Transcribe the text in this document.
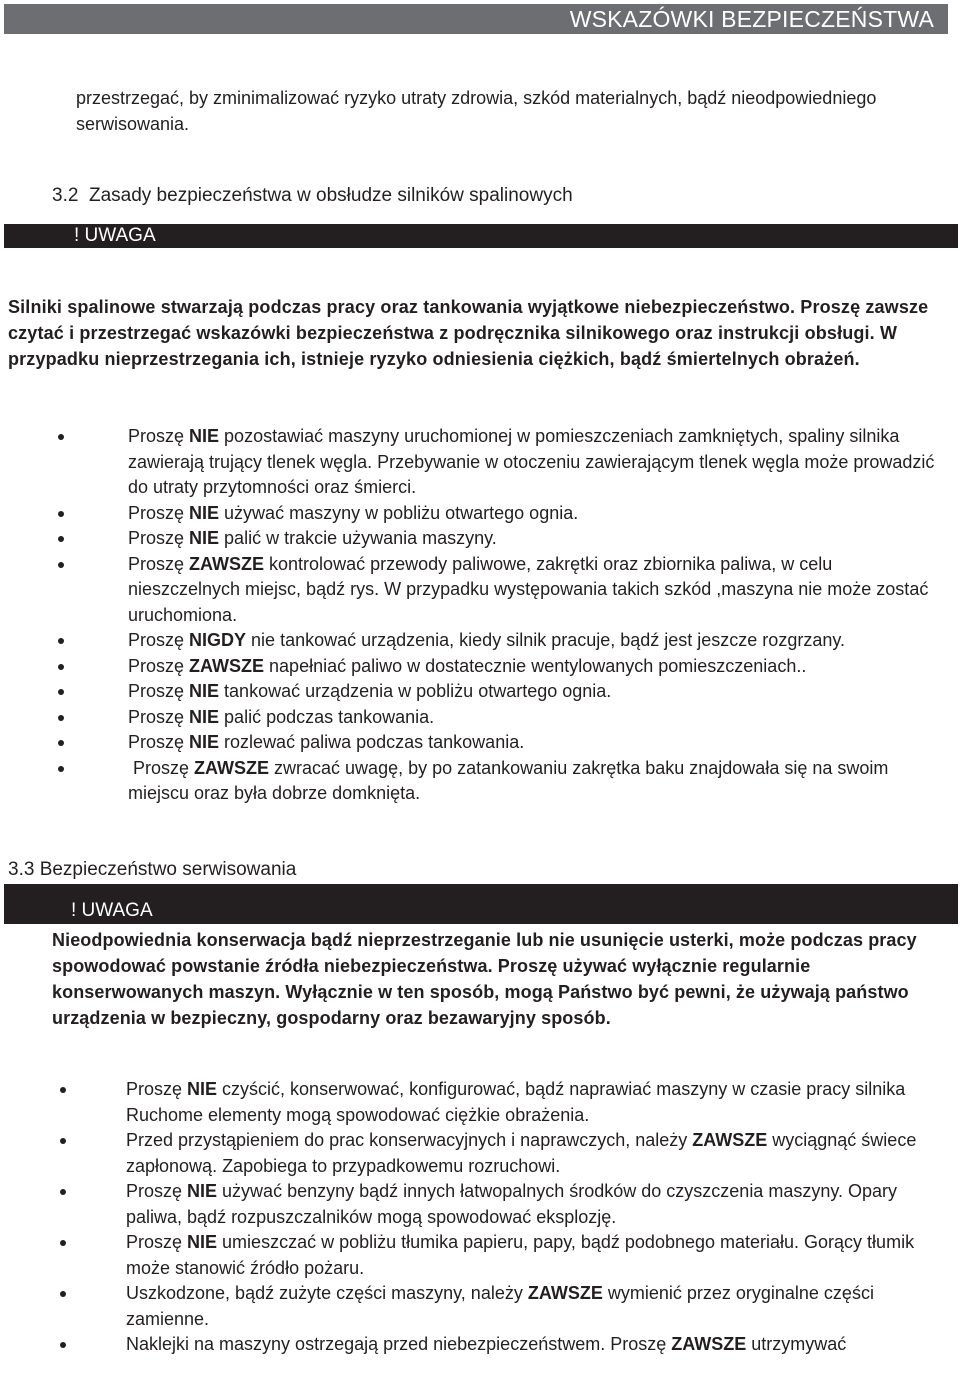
WSKAZÓWKI BEZPIECZEŃSTWA
przestrzegać, by zminimalizować ryzyko utraty zdrowia, szkód materialnych, bądź nieodpowiedniego serwisowania.
3.2  Zasady bezpieczeństwa w obsłudze silników spalinowych
! UWAGA
Silniki spalinowe stwarzają podczas pracy oraz tankowania wyjątkowe niebezpieczeństwo. Proszę zawsze czytać i przestrzegać wskazówki bezpieczeństwa z podręcznika silnikowego oraz instrukcji obsługi. W przypadku nieprzestrzegania ich, istnieje ryzyko odniesienia ciężkich, bądź śmiertelnych obrażeń.
Proszę NIE pozostawiać maszyny uruchomionej w pomieszczeniach zamkniętych, spaliny silnika zawierają trujący tlenek węgla. Przebywanie w otoczeniu zawierającym tlenek węgla może prowadzić do utraty przytomności oraz śmierci.
Proszę NIE używać maszyny w pobliżu otwartego ognia.
Proszę NIE palić w trakcie używania maszyny.
Proszę ZAWSZE kontrolować przewody paliwowe, zakrętki oraz zbiornika paliwa, w celu nieszczelnych miejsc, bądź rys. W przypadku występowania takich szkód ,maszyna nie może zostać uruchomiona.
Proszę NIGDY nie tankować urządzenia, kiedy silnik pracuje, bądź jest jeszcze rozgrzany.
Proszę ZAWSZE napełniać paliwo w dostatecznie wentylowanych pomieszczeniach..
Proszę NIE tankować urządzenia w pobliżu otwartego ognia.
Proszę NIE palić podczas tankowania.
Proszę NIE rozlewać paliwa podczas tankowania.
Proszę ZAWSZE zwracać uwagę, by po zatankowaniu zakrętka baku znajdowała się na swoim miejscu oraz była dobrze domknięta.
3.3 Bezpieczeństwo serwisowania
! UWAGA
Nieodpowiednia konserwacja bądź nieprzestrzeganie lub nie usunięcie usterki, może podczas pracy spowodować powstanie źródła niebezpieczeństwa. Proszę używać wyłącznie regularnie konserwowanych maszyn. Wyłącznie w ten sposób, mogą Państwo być pewni, że używają państwo urządzenia w bezpieczny, gospodarny oraz bezawaryjny sposób.
Proszę NIE czyścić, konserwować, konfigurować, bądź naprawiać maszyny w czasie pracy silnika Ruchome elementy mogą spowodować ciężkie obrażenia.
Przed przystąpieniem do prac konserwacyjnych i naprawczych, należy ZAWSZE wyciągnąć świece zapłonową. Zapobiega to przypadkowemu rozruchowi.
Proszę NIE używać benzyny bądź innych łatwopalnych środków do czyszczenia maszyny. Opary paliwa, bądź rozpuszczalników mogą spowodować eksplozję.
Proszę NIE umieszczać w pobliżu tłumika papieru, papy, bądź podobnego materiału. Gorący tłumik może stanowić źródło pożaru.
Uszkodzone, bądź zużyte części maszyny, należy ZAWSZE wymienić przez oryginalne części zamienne.
Naklejki na maszyny ostrzegają przed niebezpieczeństwem. Proszę ZAWSZE utrzymywać
